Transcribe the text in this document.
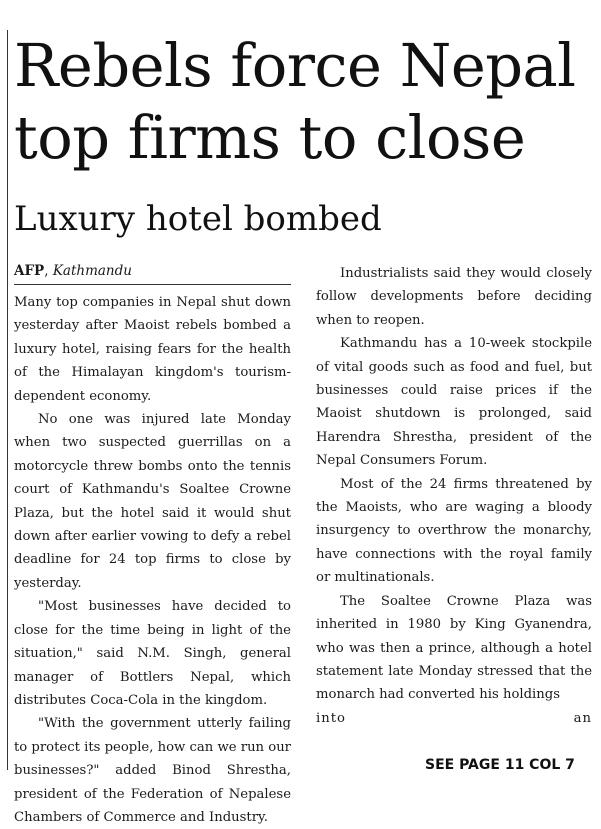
Rebels force Nepal
top firms to close
Luxury hotel bombed
AFP, Kathmandu

Many top companies in Nepal shut down yesterday after Maoist rebels bombed a luxury hotel, raising fears for the health of the Himalayan kingdom's tourism-dependent economy.

No one was injured late Monday when two suspected guerrillas on a motorcycle threw bombs onto the tennis court of Kathmandu's Soaltee Crowne Plaza, but the hotel said it would shut down after earlier vowing to defy a rebel deadline for 24 top firms to close by yesterday.

"Most businesses have decided to close for the time being in light of the situation," said N.M. Singh, general manager of Bottlers Nepal, which distributes Coca-Cola in the kingdom.

"With the government utterly failing to protect its people, how can we run our businesses?" added Binod Shrestha, president of the Federation of Nepalese Chambers of Commerce and Industry.

Industrialists said they would closely follow developments before deciding when to reopen.

Kathmandu has a 10-week stockpile of vital goods such as food and fuel, but businesses could raise prices if the Maoist shutdown is prolonged, said Harendra Shrestha, president of the Nepal Consumers Forum.

Most of the 24 firms threatened by the Maoists, who are waging a bloody insurgency to overthrow the monarchy, have connections with the royal family or multinationals.

The Soaltee Crowne Plaza was inherited in 1980 by King Gyanendra, who was then a prince, although a hotel statement late Monday stressed that the monarch had converted his holdings

into	an

SEE PAGE 11 COL 7
